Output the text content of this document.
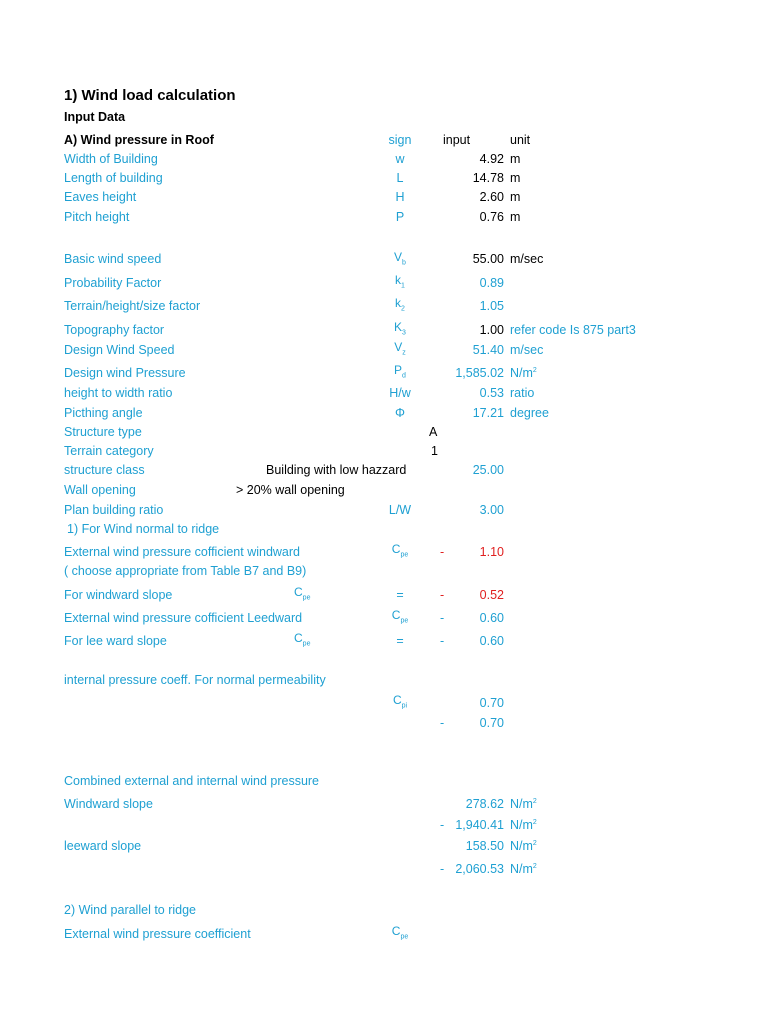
1) Wind load calculation
Input Data
A) Wind pressure in Roof	sign	input	unit
Width of Building	w	4.92 m
Length of building	L	14.78 m
Eaves height	H	2.60 m
Pitch height	P	0.76 m
Basic wind speed	$V_b$	55.00 m/sec
Probability Factor	$k_1$	0.89
Terrain/height/size factor	$k_2$	1.05
Topography factor	$K_3$	1.00 refer code Is 875 part3
Design Wind Speed	$V_z$	51.40 m/sec
Design wind Pressure	$P_d$	1,585.02 $N/m^2$
height to width ratio	H/w	0.53 ratio
Picthing angle	Φ	17.21 degree
Structure type	A
Terrain category	1
structure class	Building with low hazzard	25.00
Wall opening	> 20% wall opening
Plan building ratio	L/W	3.00
1) For Wind normal to ridge
External wind pressure cofficient windward	$C_{pe}$	-	1.10
( choose appropriate from Table B7 and B9)
For windward slope	$C_{pe}$	=	-	0.52
External wind pressure cofficient Leedward	$C_{pe}$	-	0.60
For lee ward slope	$C_{pe}$	=	-	0.60
internal pressure coeff. For normal permeability
$C_{pi}$	0.70
-	0.70
Combined external and internal wind pressure
Windward slope	278.62 $N/m^2$
- 1,940.41 $N/m^2$
leeward slope	158.50 $N/m^2$
- 2,060.53 $N/m^2$
2) Wind parallel to ridge
External wind pressure coefficient	$C_{pe}$
